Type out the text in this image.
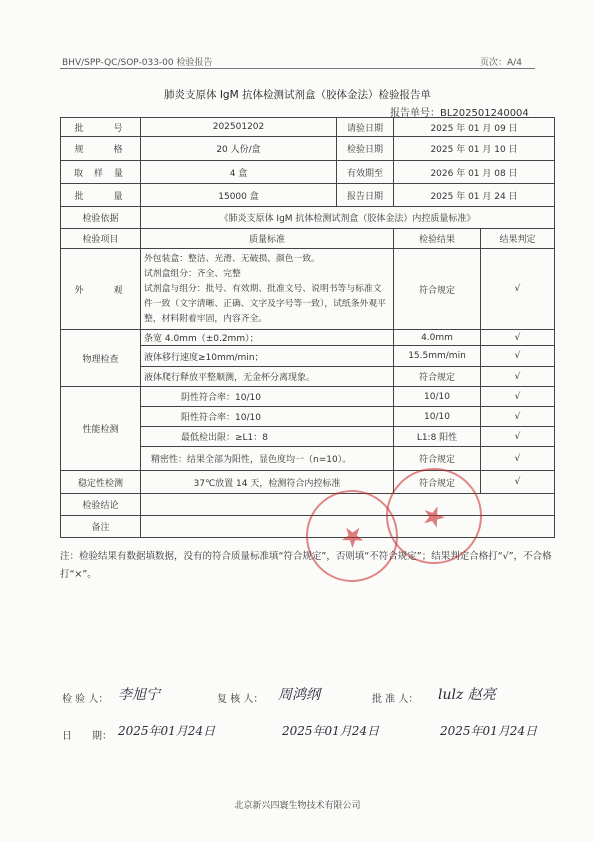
BHV/SPP-QC/SOP-033-00 检验报告	页次：A/4
肺炎支原体 IgM 抗体检测试剂盒（胶体金法）检验报告单
报告单号：BL202501240004
批　　号	202501202	请验日期	2025 年 01 月 09 日	
规　　格	20 人份/盒	检验日期	2025 年 01 月 10 日	
取 样 量	4 盒	有效期至	2026 年 01 月 08 日	
批　　量	15000 盒	报告日期	2025 年 01 月 24 日	
检验依据	《肺炎支原体 IgM 抗体检测试剂盒（胶体金法）内控质量标准》			
检验项目	质量标准		检验结果	结果判定
外　　观	外包装盒：整洁、光滑、无破损、颜色一致。
试剂盒组分：齐全、完整
试剂盒与组分：批号、有效期、批准文号、说明书等与标准文件一致（文字清晰、正确、文字及字号等一致），试纸条外观平整，材料附着牢固，内容齐全。		符合规定	√
物理检查	条宽 4.0mm（±0.2mm）；		4.0mm	√
	液体移行速度≥10mm/min；		15.5mm/min	√
	液体爬行释放平整顺测，无金杯分离现象。		符合规定	√
性能检测	阴性符合率：10/10		10/10	√
	阳性符合率：10/10		10/10	√
	最低检出限：≥L1：8		L1:8 阳性	√
	精密性：结果全部为阳性，显色度均一（n=10）。		符合规定	√
稳定性检测	37℃放置 14 天，检测符合内控标准		符合规定	√
检验结论				
备注					★	★
注：检验结果有数据填数据，没有的符合质量标准填“符合规定”，否则填“不符合规定”；结果判定合格打“√”，不合格打“×”。
检 验 人： 李旭宁	复 核 人： 周鸿纲	批 准 人： lulz 赵亮
日　　期： 2025年01月24日	2025年01月24日	2025年01月24日
北京新兴四寰生物技术有限公司
